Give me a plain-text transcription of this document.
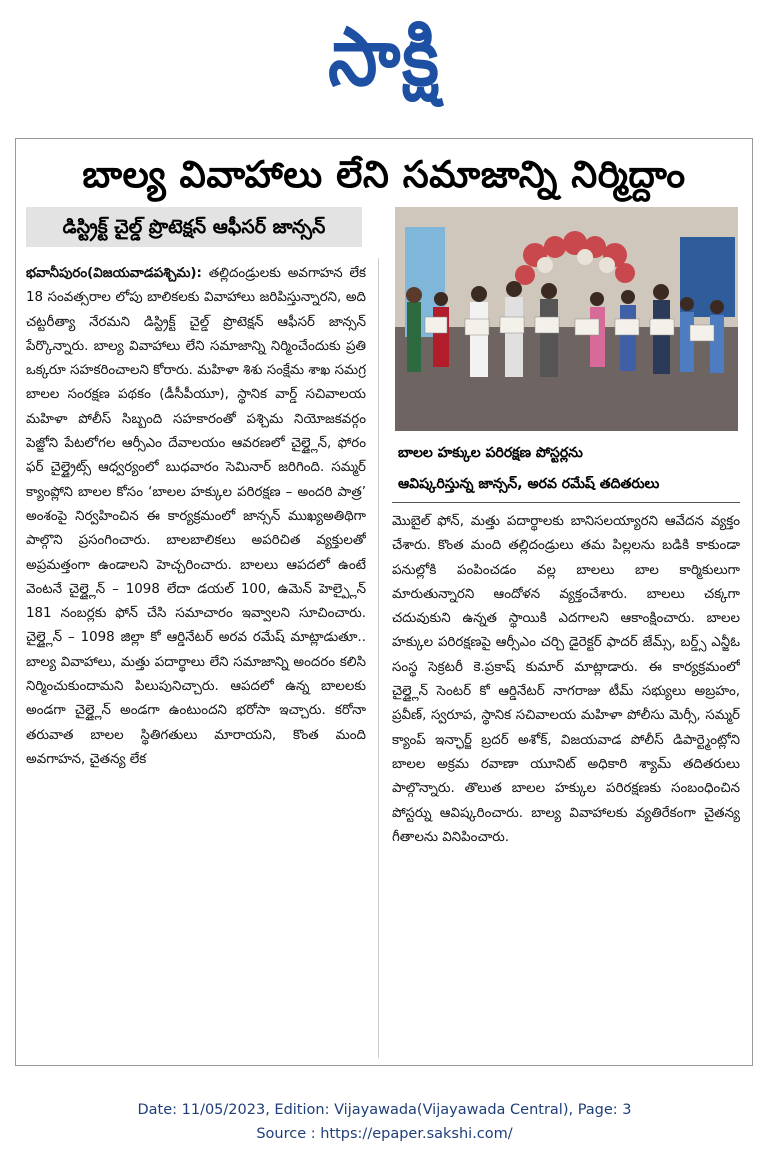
సాక్షి
బాల్య వివాహాలు లేని సమాజాన్ని నిర్మిద్దాం
డిస్ట్రిక్ట్ చైల్డ్ ప్రొటెక్షన్ ఆఫీసర్ జాన్సన్

భవానీపురం(విజయవాడపశ్చిమ): తల్లిదండ్రులకు అవగాహన లేక 18 సంవత్సరాల లోపు బాలికలకు వివాహాలు జరిపిస్తున్నారని, అది చట్టరీత్యా నేరమని డిస్ట్రిక్ట్ చైల్డ్ ప్రొటెక్షన్ ఆఫీసర్ జాన్సన్ పేర్కొన్నారు. బాల్య వివాహాలు లేని సమాజాన్ని నిర్మించేందుకు ప్రతి ఒక్కరూ సహకరించాలని కోరారు. మహిళా శిశు సంక్షేమ శాఖ సమగ్ర బాలల సంరక్షణ పథకం (డీసీపీయూ), స్థానిక వార్డ్ సచివాలయ మహిళా పోలీస్ సిబ్బంది సహకారంతో పశ్చిమ నియోజకవర్గం పెజ్జోని పేటలోగల ఆర్సీఎం దేవాలయం ఆవరణలో చైల్డ్లైన్, ఫోరం ఫర్ చైల్డ్రైట్స్ ఆధ్వర్యంలో బుధవారం సెమినార్ జరిగింది. సమ్మర్ క్యాంప్లోని బాలల కోసం ‘బాలల హక్కుల పరిరక్షణ – అందరి పాత్ర’ అంశంపై నిర్వహించిన ఈ కార్యక్రమంలో జాన్సన్ ముఖ్యఅతిథిగా పాల్గొని ప్రసంగించారు. బాలబాలికలు అపరిచిత వ్యక్తులతో అప్రమత్తంగా ఉండాలని హెచ్చరించారు. బాలలు ఆపదలో ఉంటే వెంటనే చైల్డ్లైన్ – 1098 లేదా డయల్ 100, ఉమెన్ హెల్ప్లైన్ 181 నంబర్లకు ఫోన్ చేసి సమాచారం ఇవ్వాలని సూచించారు. చైల్డ్లైన్ – 1098 జిల్లా కో ఆర్డినేటర్ అరవ రమేష్ మాట్లాడుతూ.. బాల్య వివాహాలు, మత్తు పదార్థాలు లేని సమాజాన్ని అందరం కలిసి నిర్మించుకుందామని పిలుపునిచ్చారు. ఆపదలో ఉన్న బాలలకు అండగా చైల్డ్లైన్ అండగా ఉంటుందని భరోసా ఇచ్చారు. కరోనా తరువాత బాలల స్థితిగతులు మారాయని, కొంత మంది అవగాహన, చైతన్య లేక

బాలల హక్కుల పరిరక్షణ పోస్టర్లను
ఆవిష్కరిస్తున్న జాన్సన్, అరవ రమేష్ తదితరులు

మొబైల్ ఫోన్, మత్తు పదార్థాలకు బానిసలయ్యారని ఆవేదన వ్యక్తం చేశారు. కొంత మంది తల్లిదండ్రులు తమ పిల్లలను బడికి కాకుండా పనుల్లోకి పంపించడం వల్ల బాలలు బాల కార్మికులుగా మారుతున్నారని ఆందోళన వ్యక్తంచేశారు. బాలలు చక్కగా చదువుకుని ఉన్నత స్థాయికి ఎదగాలని ఆకాంక్షించారు. బాలల హక్కుల పరిరక్షణపై ఆర్సీఎం చర్చి డైరెక్టర్ ఫాదర్ జేమ్స్, బర్డ్స్ ఎన్జీఓ సంస్థ సెక్రటరీ కె.ప్రకాష్ కుమార్ మాట్లాడారు. ఈ కార్యక్రమంలో చైల్డ్లైన్ సెంటర్ కో ఆర్డినేటర్ నాగరాజు టీమ్ సభ్యులు అబ్రహం, ప్రవీణ్, స్వరూప, స్థానిక సచివాలయ మహిళా పోలీసు మెర్సీ, సమ్మర్ క్యాంప్ ఇన్ఛార్జ్ బ్రదర్ అశోక్, విజయవాడ పోలీస్ డిపార్ట్మెంట్లోని బాలల అక్రమ రవాణా యూనిట్ అధికారి శ్యామ్ తదితరులు పాల్గొన్నారు. తొలుత బాలల హక్కుల పరిరక్షణకు సంబంధించిన పోస్టర్ను ఆవిష్కరించారు. బాల్య వివాహాలకు వ్యతిరేకంగా చైతన్య గీతాలను వినిపించారు.

Date: 11/05/2023, Edition: Vijayawada(Vijayawada Central), Page: 3
Source : https://epaper.sakshi.com/
